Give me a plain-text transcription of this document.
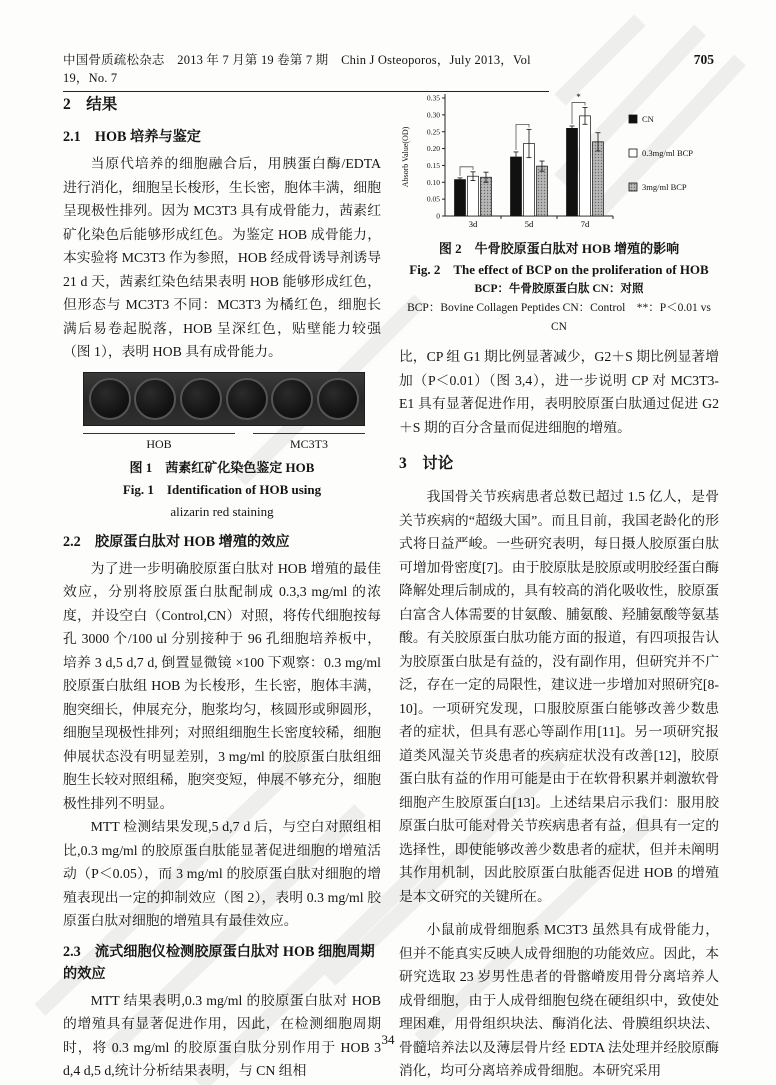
中国骨质疏松杂志　2013 年 7 月第 19 卷第 7 期　Chin J Osteoporos，July 2013，Vol 19，No. 7
705
2　结果
2.1　HOB 培养与鉴定

当原代培养的细胞融合后，用胰蛋白酶/EDTA 进行消化，细胞呈长梭形，生长密，胞体丰满，细胞呈现极性排列。因为 MC3T3 具有成骨能力，茜素红矿化染色后能够形成红色。为鉴定 HOB 成骨能力，本实验将 MC3T3 作为参照，HOB 经成骨诱导剂诱导 21 d 天，茜素红染色结果表明 HOB 能够形成红色，但形态与 MC3T3 不同：MC3T3 为橘红色，细胞长满后易卷起脱落，HOB 呈深红色，贴壁能力较强（图 1），表明 HOB 具有成骨能力。

HOB	MC3T3
图 1　茜素红矿化染色鉴定 HOB
Fig. 1　Identification of HOB using
alizarin red staining
2.2　胶原蛋白肽对 HOB 增殖的效应

为了进一步明确胶原蛋白肽对 HOB 增殖的最佳效应，分别将胶原蛋白肽配制成 0.3,3 mg/ml 的浓度，并设空白（Control,CN）对照，将传代细胞按每孔 3000 个/100 ul 分别接种于 96 孔细胞培养板中，培养 3 d,5 d,7 d, 倒置显微镜 ×100 下观察：0.3 mg/ml 胶原蛋白肽组 HOB 为长梭形，生长密，胞体丰满，胞突细长，伸展充分，胞浆均匀，核圆形或卵圆形，细胞呈现极性排列；对照组细胞生长密度较稀，细胞伸展状态没有明显差别，3 mg/ml 的胶原蛋白肽组细胞生长较对照组稀，胞突变短，伸展不够充分，细胞极性排列不明显。

MTT 检测结果发现,5 d,7 d 后，与空白对照组相比,0.3 mg/ml 的胶原蛋白肽能显著促进细胞的增殖活动（P＜0.05），而 3 mg/ml 的胶原蛋白肽对细胞的增殖表现出一定的抑制效应（图 2），表明 0.3 mg/ml 胶原蛋白肽对细胞的增殖具有最佳效应。

2.3　流式细胞仪检测胶原蛋白肽对 HOB 细胞周期的效应

MTT 结果表明,0.3 mg/ml 的胶原蛋白肽对 HOB 的增殖具有显著促进作用，因此，在检测细胞周期时，将 0.3 mg/ml 的胶原蛋白肽分别作用于 HOB 3 d,4 d,5 d,统计分析结果表明，与 CN 组相

0
0.05
0.10
0.15
0.20
0.25
0.30
0.35
Absorb Value(OD)
3d	5d	7d
*
CN
0.3mg/ml BCP
3mg/ml BCP
图 2　牛骨胶原蛋白肽对 HOB 增殖的影响
Fig. 2　The effect of BCP on the proliferation of HOB
BCP：牛骨胶原蛋白肽 CN：对照
BCP：Bovine Collagen Peptides CN：Control　**：P＜0.01 vs CN

比，CP 组 G1 期比例显著减少，G2＋S 期比例显著增加（P＜0.01）（图 3,4），进一步说明 CP 对 MC3T3-E1 具有显著促进作用，表明胶原蛋白肽通过促进 G2＋S 期的百分含量而促进细胞的增殖。

3　讨论

我国骨关节疾病患者总数已超过 1.5 亿人，是骨关节疾病的“超级大国”。而且目前，我国老龄化的形式将日益严峻。一些研究表明，每日摄人胶原蛋白肽可增加骨密度[7]。由于胶原肽是胶原或明胶经蛋白酶降解处理后制成的，具有较高的消化吸收性，胶原蛋白富含人体需要的甘氨酸、脯氨酸、羟脯氨酸等氨基酸。有关胶原蛋白肽功能方面的报道，有四项报告认为胶原蛋白肽是有益的，没有副作用，但研究并不广泛，存在一定的局限性，建议进一步增加对照研究[8-10]。一项研究发现，口服胶原蛋白能够改善少数患者的症状，但具有恶心等副作用[11]。另一项研究报道类风湿关节炎患者的疾病症状没有改善[12]，胶原蛋白肽有益的作用可能是由于在软骨积累并刺激软骨细胞产生胶原蛋白[13]。上述结果启示我们：服用胶原蛋白肽可能对骨关节疾病患者有益，但具有一定的选择性，即使能够改善少数患者的症状，但并未阐明其作用机制，因此胶原蛋白肽能否促进 HOB 的增殖是本文研究的关键所在。

小鼠前成骨细胞系 MC3T3 虽然具有成骨能力，但并不能真实反映人成骨细胞的功能效应。因此，本研究选取 23 岁男性患者的骨髂嵴废用骨分离培养人成骨细胞，由于人成骨细胞包绕在硬组织中，致使处理困难，用骨组织块法、酶消化法、骨膜组织块法、骨髓培养法以及薄层骨片经 EDTA 法处理并经胶原酶消化，均可分离培养成骨细胞。本研究采用

34
